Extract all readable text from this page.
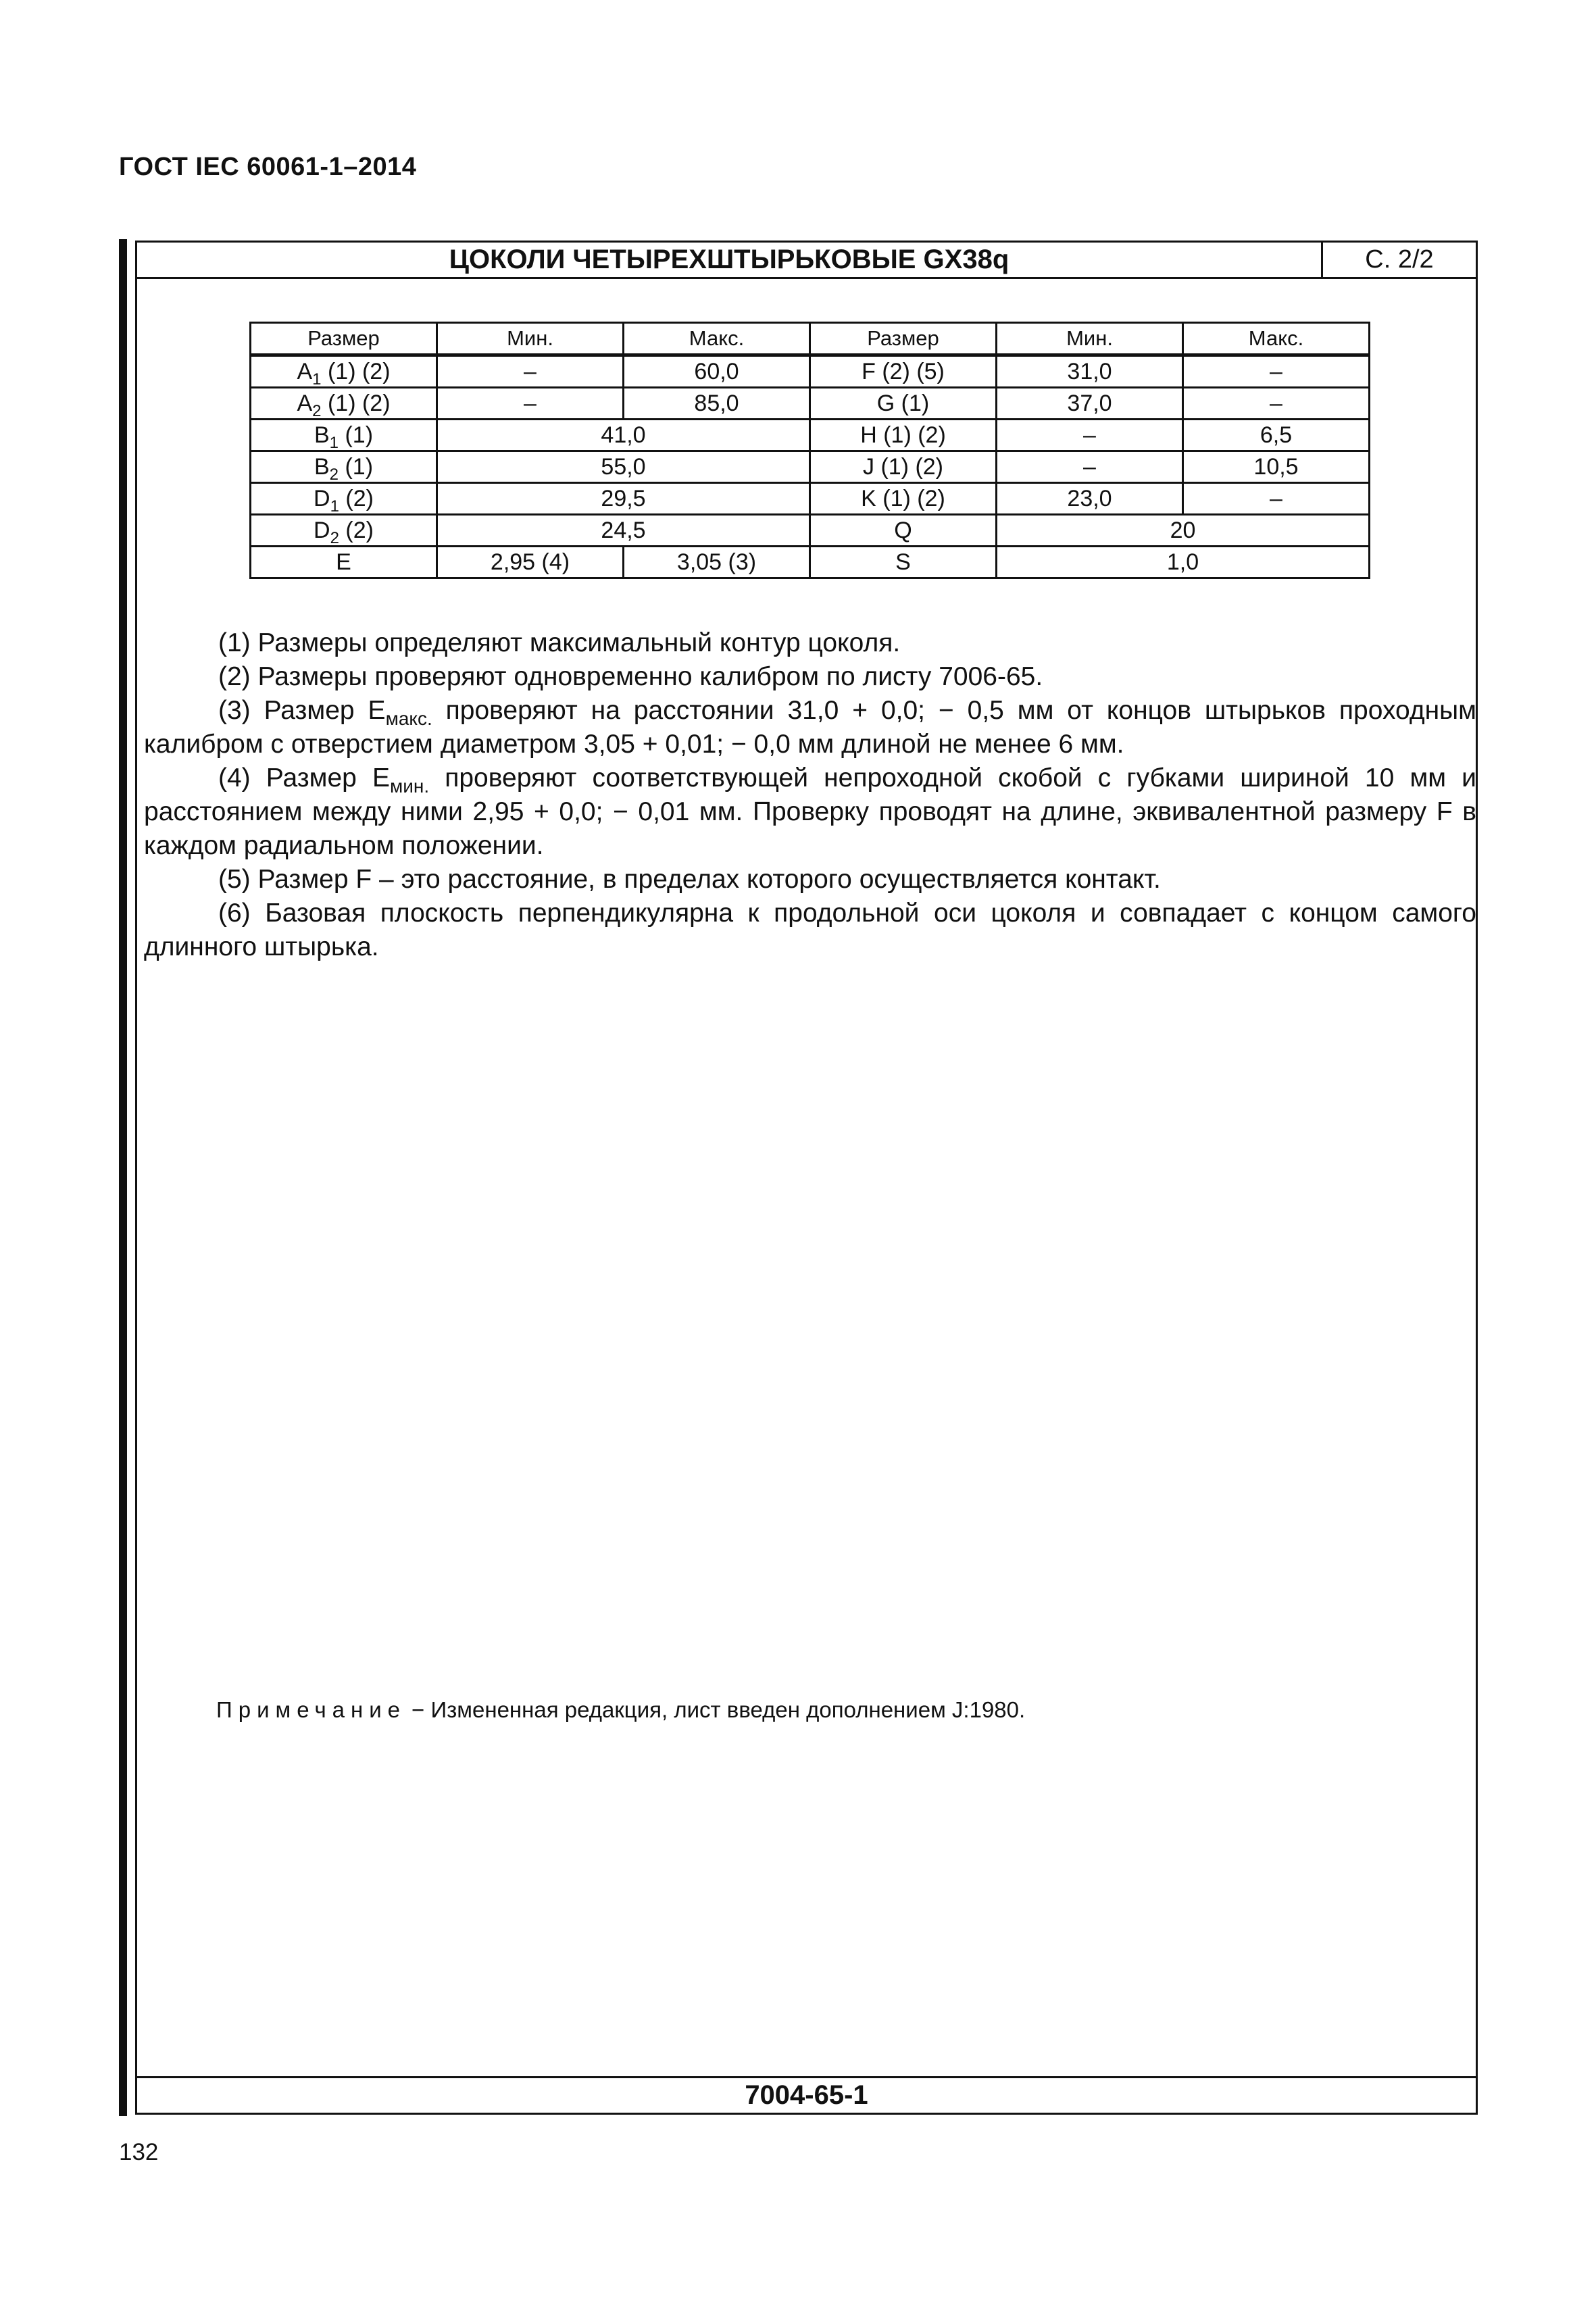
ГОСТ IEC 60061-1–2014
ЦОКОЛИ ЧЕТЫРЕХШТЫРЬКОВЫЕ GX38q	С. 2/2
Размер	Мин.	Макс.	Размер	Мин.	Макс.
$A_1$ (1) (2)	–	60,0	F (2) (5)	31,0	–
$A_2$ (1) (2)	–	85,0	G (1)	37,0	–
$B_1$ (1)	41,0		H (1) (2)	–	6,5
$B_2$ (1)	55,0		J (1) (2)	–	10,5
$D_1$ (2)	29,5		K (1) (2)	23,0	–
$D_2$ (2)	24,5		Q	20	
E	2,95 (4)	3,05 (3)	S	1,0	

(1) Размеры определяют максимальный контур цоколя.

(2) Размеры проверяют одновременно калибром по листу 7006-65.

(3) Размер $E_{макс.}$ проверяют на расстоянии 31,0 + 0,0; − 0,5 мм от концов штырьков проходным калибром с отверстием диаметром 3,05 + 0,01; − 0,0 мм длиной не менее 6 мм.

(4) Размер $E_{мин.}$ проверяют соответствующей непроходной скобой с губками шириной 10 мм и расстоянием между ними 2,95 + 0,0; − 0,01 мм. Проверку проводят на длине, эквивалентной размеру F в каждом радиальном положении.

(5) Размер F – это расстояние, в пределах которого осуществляется контакт.

(6) Базовая плоскость перпендикулярна к продольной оси цоколя и совпадает с концом самого длинного штырька.

Примечание − Измененная редакция, лист введен дополнением J:1980.
7004-65-1
132
